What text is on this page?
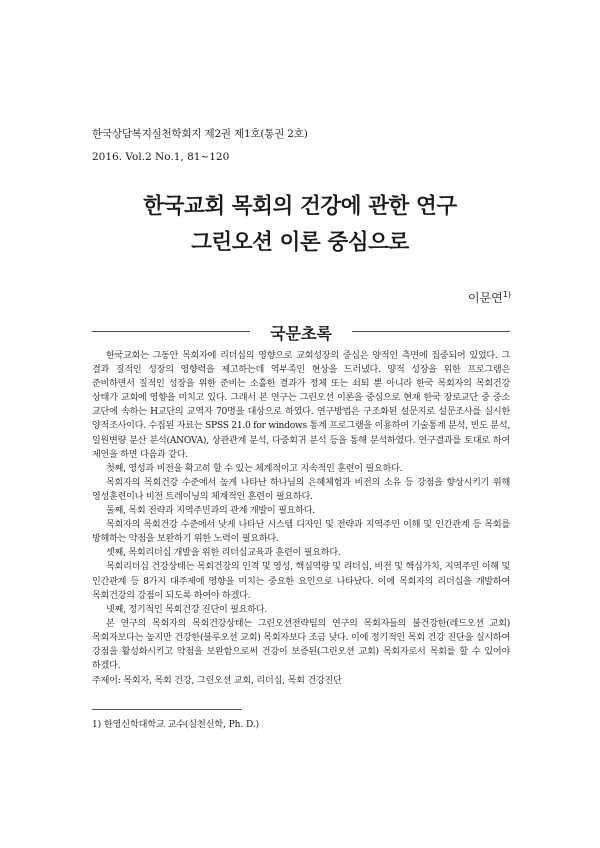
한국상담복지실천학회지 제2권 제1호(통권 2호)
2016. Vol.2 No.1, 81~120
한국교회 목회의 건강에 관한 연구
그린오션 이론 중심으로
이문연$^{1)}$
국문초록

한국교회는 그동안 목회자에 리더십의 영향으로 교회성장의 중심은 양적인 측면에 집중되어 있었다. 그 결과 질적인 성장의 영향력을 제고하는데 역부족인 현상을 드러냈다. 양적 성장을 위한 프로그램은 준비하면서 질적인 성장을 위한 준비는 소홀한 결과가 정체 또는 쇠퇴 뿐 아니라 한국 목회자의 목회건강 상태가 교회에 영향을 미치고 있다. 그래서 본 연구는 그린오션 이론을 중심으로 현재 한국 장로교단 중 중소 교단에 속하는 H교단의 교역자 70명을 대상으로 하였다. 연구방법은 구조화된 설문지로 설문조사를 실시한 양적조사이다. 수집된 자료는 SPSS 21.0 for windows 통계 프로그램을 이용하여 기술통계 분석, 빈도 분석, 일원변량 분산 분석(ANOVA), 상관관계 분석, 다중회귀 분석 등을 통해 분석하였다. 연구결과를 토대로 하여 제언을 하면 다음과 같다.

첫째, 영성과 비전을 확고히 할 수 있는 체계적이고 지속적인 훈련이 필요하다.

목회자의 목회건강 수준에서 높게 나타난 하나님의 은혜체험과 비전의 소유 등 강점을 향상시키기 위해 영성훈련이나 비전 트레이닝의 체계적인 훈련이 필요하다.

둘째, 목회 전략과 지역주민과의 관계 개발이 필요하다.

목회자의 목회건강 수준에서 낮게 나타난 시스템 디자인 및 전략과 지역주민 이해 및 인간관계 등 목회를 방해하는 약점을 보완하기 위한 노력이 필요하다.

셋째, 목회리더십 개발을 위한 리더십교육과 훈련이 필요하다.

목회리더십 건강상태는 목회건강의 인격 및 영성, 핵심역량 및 리더십, 비전 및 핵심가치, 지역주민 이해 및 인간관계 등 8가지 대주제에 영향을 미치는 중요한 요인으로 나타났다. 이에 목회자의 리더십을 개발하여 목회건강의 강점이 되도록 하여야 하겠다.

넷째, 정기적인 목회건강 진단이 필요하다.

본 연구의 목회자의 목회건강상태는 그린오션전략팀의 연구의 목회자들의 불건강한(레드오션 교회) 목회자보다는 높지만 건강한(블루오션 교회) 목회자보다 조금 낮다. 이에 정기적인 목회 건강 진단을 실시하여 강점을 활성화시키고 약점을 보완함으로써 건강이 보증된(그린오션 교회) 목회자로서 목회를 할 수 있어야 하겠다.

주제어: 목회자, 목회 건강, 그린오션 교회, 리더십, 목회 건강진단
1) 한영신학대학교 교수(실천신학, Ph. D.)
